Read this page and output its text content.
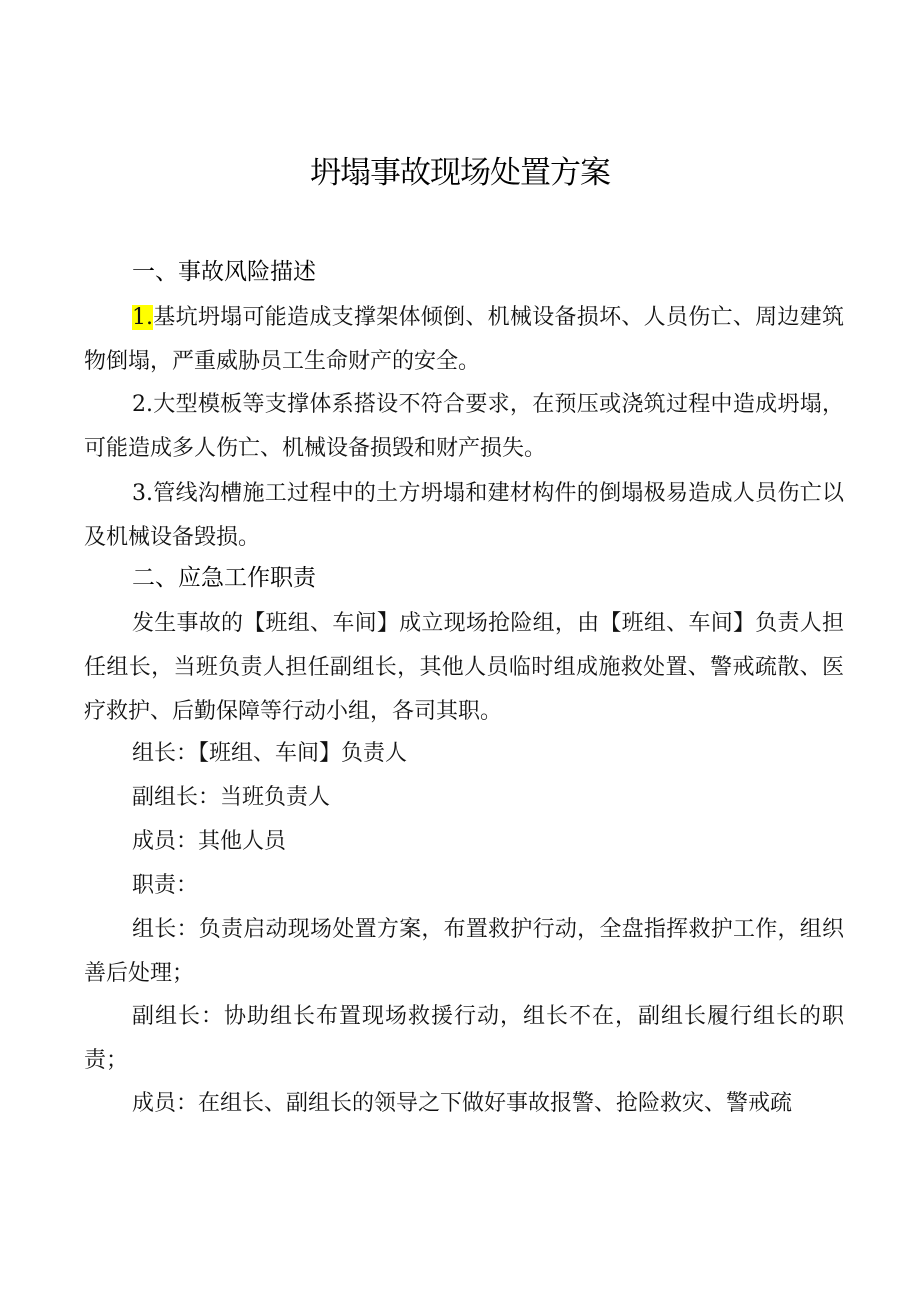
坍塌事故现场处置方案
一、事故风险描述

1.基坑坍塌可能造成支撑架体倾倒、机械设备损坏、人员伤亡、周边建筑物倒塌，严重威胁员工生命财产的安全。

2.大型模板等支撑体系搭设不符合要求，在预压或浇筑过程中造成坍塌，可能造成多人伤亡、机械设备损毁和财产损失。

3.管线沟槽施工过程中的土方坍塌和建材构件的倒塌极易造成人员伤亡以及机械设备毁损。

二、应急工作职责

发生事故的【班组、车间】成立现场抢险组，由【班组、车间】负责人担任组长，当班负责人担任副组长，其他人员临时组成施救处置、警戒疏散、医疗救护、后勤保障等行动小组，各司其职。

组长：【班组、车间】负责人
副组长：当班负责人
成员：其他人员
职责：

组长：负责启动现场处置方案，布置救护行动，全盘指挥救护工作，组织善后处理；

副组长：协助组长布置现场救援行动，组长不在，副组长履行组长的职责；

成员：在组长、副组长的领导之下做好事故报警、抢险救灾、警戒疏
